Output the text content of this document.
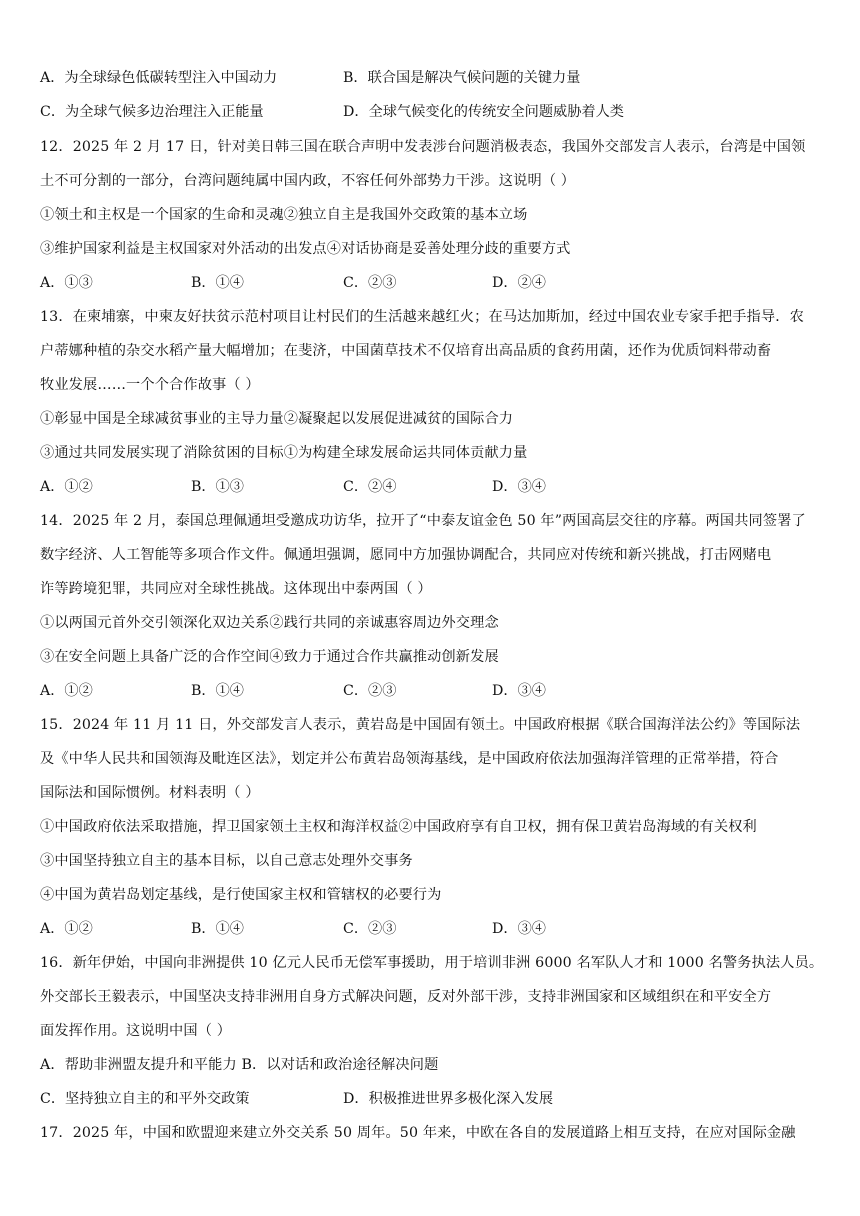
A．为全球绿色低碳转型注入中国动力	B．联合国是解决气候问题的关键力量
C．为全球气候多边治理注入正能量	D．全球气候变化的传统安全问题威胁着人类
12．2025 年 2 月 17 日，针对美日韩三国在联合声明中发表涉台问题消极表态，我国外交部发言人表示，台湾是中国领
土不可分割的一部分，台湾问题纯属中国内政，不容任何外部势力干涉。这说明（ ）
①领土和主权是一个国家的生命和灵魂②独立自主是我国外交政策的基本立场
③维护国家利益是主权国家对外活动的出发点④对话协商是妥善处理分歧的重要方式
A．①③	B．①④	C．②③	D．②④
13．在柬埔寨，中柬友好扶贫示范村项目让村民们的生活越来越红火；在马达加斯加，经过中国农业专家手把手指导．农
户蒂娜种植的杂交水稻产量大幅增加；在斐济，中国菌草技术不仅培育出高品质的食药用菌，还作为优质饲料带动畜
牧业发展……一个个合作故事（ ）
①彰显中国是全球减贫事业的主导力量②凝聚起以发展促进减贫的国际合力
③通过共同发展实现了消除贫困的目标①为构建全球发展命运共同体贡献力量
A．①②	B．①③	C．②④	D．③④
14．2025 年 2 月，泰国总理佩通坦受邀成功访华，拉开了“中泰友谊金色 50 年”两国高层交往的序幕。两国共同签署了
数字经济、人工智能等多项合作文件。佩通坦强调，愿同中方加强协调配合，共同应对传统和新兴挑战，打击网赌电
诈等跨境犯罪，共同应对全球性挑战。这体现出中泰两国（ ）
①以两国元首外交引领深化双边关系②践行共同的亲诚惠容周边外交理念
③在安全问题上具备广泛的合作空间④致力于通过合作共赢推动创新发展
A．①②	B．①④	C．②③	D．③④
15．2024 年 11 月 11 日，外交部发言人表示，黄岩岛是中国固有领土。中国政府根据《联合国海洋法公约》等国际法
及《中华人民共和国领海及毗连区法》，划定并公布黄岩岛领海基线，是中国政府依法加强海洋管理的正常举措，符合
国际法和国际惯例。材料表明（ ）
①中国政府依法采取措施，捍卫国家领土主权和海洋权益②中国政府享有自卫权，拥有保卫黄岩岛海域的有关权利
③中国坚持独立自主的基本目标，以自己意志处理外交事务
④中国为黄岩岛划定基线，是行使国家主权和管辖权的必要行为
A．①②	B．①④	C．②③	D．③④
16．新年伊始，中国向非洲提供 10 亿元人民币无偿军事援助，用于培训非洲 6000 名军队人才和 1000 名警务执法人员。
外交部长王毅表示，中国坚决支持非洲用自身方式解决问题，反对外部干涉，支持非洲国家和区域组织在和平安全方
面发挥作用。这说明中国（ ）
A．帮助非洲盟友提升和平能力 B．以对话和政治途径解决问题
C．坚持独立自主的和平外交政策	D．积极推进世界多极化深入发展
17．2025 年，中国和欧盟迎来建立外交关系 50 周年。50 年来，中欧在各自的发展道路上相互支持，在应对国际金融
